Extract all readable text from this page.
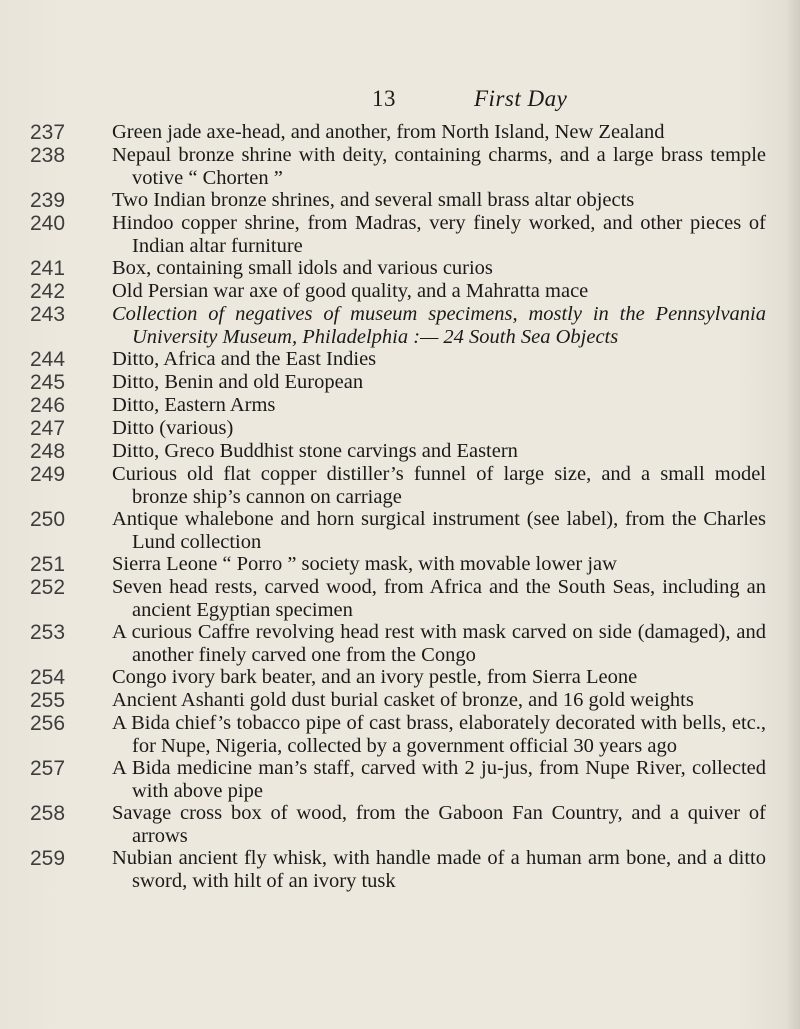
13	First Day
237	Green jade axe-head, and another, from North Island, New Zealand
238	Nepaul bronze shrine with deity, containing charms, and a large brass temple votive “ Chorten ”
239	Two Indian bronze shrines, and several small brass altar objects
240	Hindoo copper shrine, from Madras, very finely worked, and other pieces of Indian altar furniture
241	Box, containing small idols and various curios
242	Old Persian war axe of good quality, and a Mahratta mace
243	Collection of negatives of museum specimens, mostly in the Pennsylvania University Museum, Philadelphia :— 24 South Sea Objects
244	Ditto, Africa and the East Indies
245	Ditto, Benin and old European
246	Ditto, Eastern Arms
247	Ditto (various)
248	Ditto, Greco Buddhist stone carvings and Eastern
249	Curious old flat copper distiller’s funnel of large size, and a small model bronze ship’s cannon on carriage
250	Antique whalebone and horn surgical instrument (see label), from the Charles Lund collection
251	Sierra Leone “ Porro ” society mask, with movable lower jaw
252	Seven head rests, carved wood, from Africa and the South Seas, including an ancient Egyptian specimen
253	A curious Caffre revolving head rest with mask carved on side (damaged), and another finely carved one from the Congo
254	Congo ivory bark beater, and an ivory pestle, from Sierra Leone
255	Ancient Ashanti gold dust burial casket of bronze, and 16 gold weights
256	A Bida chief’s tobacco pipe of cast brass, elaborately decorated with bells, etc., for Nupe, Nigeria, collected by a government official 30 years ago
257	A Bida medicine man’s staff, carved with 2 ju-jus, from Nupe River, collected with above pipe
258	Savage cross box of wood, from the Gaboon Fan Country, and a quiver of arrows
259	Nubian ancient fly whisk, with handle made of a human arm bone, and a ditto sword, with hilt of an ivory tusk
